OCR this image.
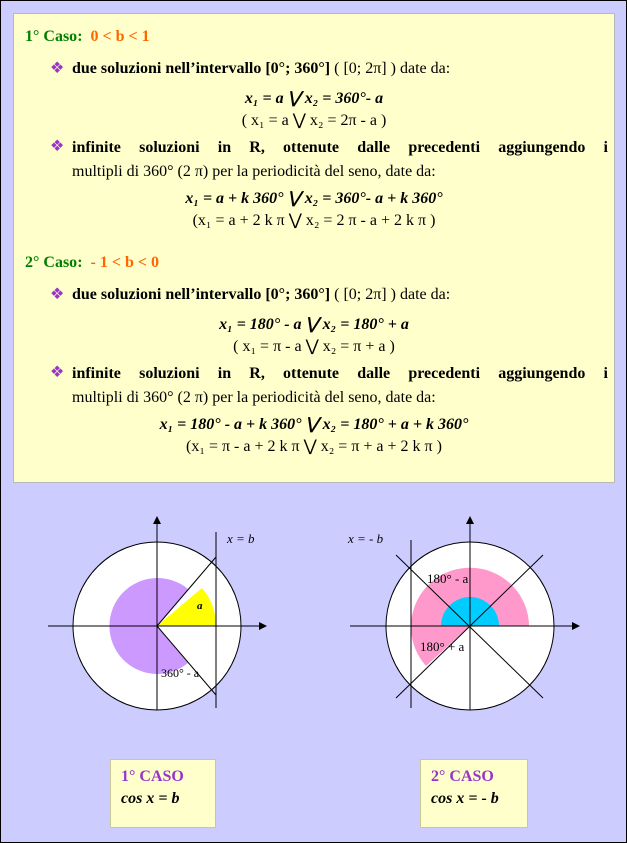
1° Caso: 0 < b < 1
❖ due soluzioni nell’intervallo [0°; 360°] ( [0; 2π] ) date da:
x₁ = a ⋁ x₂ = 360°- a
( x₁ = a ⋁ x₂ = 2π - a )
❖ infinite soluzioni in R, ottenute dalle precedenti aggiungendo i
multipli di 360° (2 π) per la periodicità del seno, date da:
x₁ = a + k 360° ⋁ x₂ = 360°- a + k 360°
(x₁ = a + 2 k π ⋁ x₂ = 2 π - a + 2 k π )
2° Caso: - 1 < b < 0
❖ due soluzioni nell’intervallo [0°; 360°] ( [0; 2π] ) date da:
x₁ = 180° - a ⋁ x₂ = 180° + a
( x₁ = π - a ⋁ x₂ = π + a )
❖ infinite soluzioni in R, ottenute dalle precedenti aggiungendo i
multipli di 360° (2 π) per la periodicità del seno, date da:
x₁ = 180° - a + k 360° ⋁ x₂ = 180° + a + k 360°
(x₁ = π - a + 2 k π ⋁ x₂ = π + a + 2 k π )
x = b
a
360° - a
x = - b
180° - a
180° + a
1° CASO
cos x = b
2° CASO
cos x = - b
